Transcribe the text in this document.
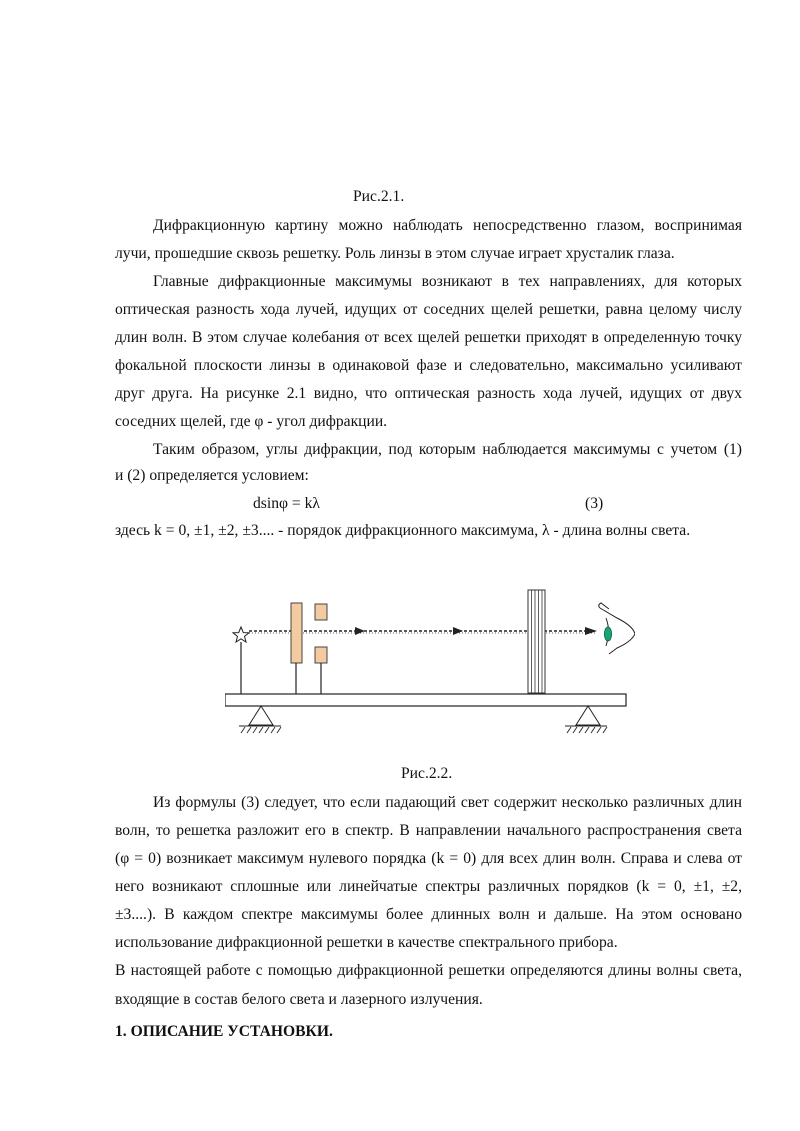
Рис.2.1.
Дифракционную картину можно наблюдать непосредственно глазом, воспринимая
лучи, прошедшие сквозь решетку. Роль линзы в этом случае играет хрусталик глаза.
Главные дифракционные максимумы возникают в тех направлениях, для которых
оптическая разность хода лучей, идущих от соседних щелей решетки, равна целому числу
длин волн. В этом случае колебания от всех щелей решетки приходят в определенную точку
фокальной плоскости линзы в одинаковой фазе и следовательно, максимально усиливают
друг друга. На рисунке 2.1 видно, что оптическая разность хода лучей, идущих от двух
соседних щелей, где φ - угол дифракции.
Таким образом, углы дифракции, под которым наблюдается максимумы с учетом (1)
и (2) определяется условием:
dsinφ = kλ	(3)
здесь k = 0, ±1, ±2, ±3.... - порядок дифракционного максимума, λ - длина волны света.
Рис.2.2.
Из формулы (3) следует, что если падающий свет содержит несколько различных длин
волн, то решетка разложит его в спектр. В направлении начального распространения света
(φ = 0) возникает максимум нулевого порядка (k = 0) для всех длин волн. Справа и слева от
него возникают сплошные или линейчатые спектры различных порядков (k = 0, ±1, ±2,
±3....). В каждом спектре максимумы более длинных волн и дальше. На этом основано
использование дифракционной решетки в качестве спектрального прибора.
В настоящей работе с помощью дифракционной решетки определяются длины волны света,
входящие в состав белого света и лазерного излучения.
1. ОПИСАНИЕ УСТАНОВКИ.
